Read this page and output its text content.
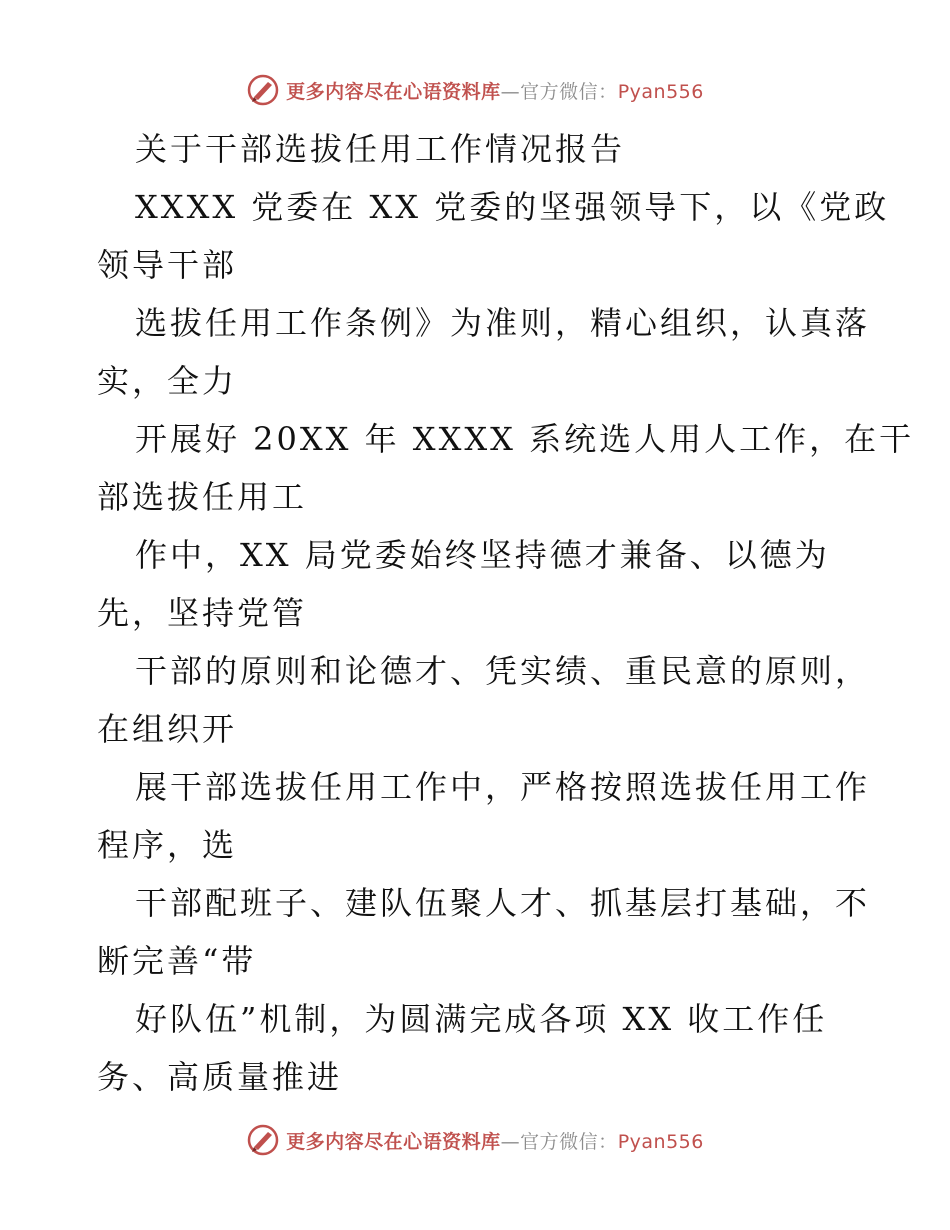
更多内容尽在心语资料库—官方微信：Pyan556
关于干部选拔任用工作情况报告
XXXX 党委在 XX 党委的坚强领导下，以《党政
领导干部
选拔任用工作条例》为准则，精心组织，认真落
实，全力
开展好 20XX 年 XXXX 系统选人用人工作，在干
部选拔任用工
作中，XX 局党委始终坚持德才兼备、以德为
先，坚持党管
干部的原则和论德才、凭实绩、重民意的原则，
在组织开
展干部选拔任用工作中，严格按照选拔任用工作
程序，选
干部配班子、建队伍聚人才、抓基层打基础，不
断完善“带
好队伍”机制，为圆满完成各项 XX 收工作任
务、高质量推进
更多内容尽在心语资料库—官方微信：Pyan556
